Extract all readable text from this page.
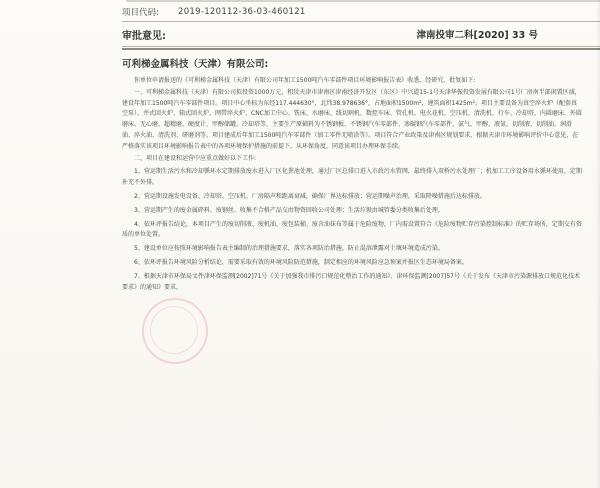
项目代码:	2019-120112-36-03-460121
审批意见:	津南投审二科[2020] 33 号
可利梯金属科技（天津）有限公司:

你单位申请报送的《可利梯金属科技（天津）有限公司年加工1500吨汽车零部件项目环境影响报告表》收悉，经研究，批复如下:

一、可利梯金属科技（天津）有限公司拟投资1000万元，租赁天津市津南区津南经济开发区（东区）中兴道15-1号天津华振投资发展有限公司1号厂房南半部闲置区域，建设年加工1500吨汽车零部件项目。项目中心坐标为东经117.444630°，北纬38.978636°，占地面积1500m²，建筑面积1425m²。项目主要设备为真空淬火炉（配套真空泵）、井式回火炉、箱式回火炉、网带淬火炉、CNC加工中心、铣床、水磨床、线切割机、数控车床、管孔机、电火花机、空压机、清洗机、行车、冷却塔、内圆磨床、外圆磨床、无心磨、超精磨、硬度计、甲醇储罐、冷却塔等，主要生产原辅料为不锈钢板、不锈钢汽车零部件、渗碳钢汽车零部件、氨气、甲醇、液氨、切削液、切削油、润滑油、淬火油、清洗剂、研磨剂等。项目建成后年加工1500吨汽车零部件（加工零件无喷涂等）。项目符合产业政策及津南区规划要求，根据天津市环境影响评价中心意见，在严格落实该项目环境影响报告表中的各项环境保护措施的前提下，从环保角度，同意该项目办理环保手续。

二、项目在建设和运营中应重点做好以下工作:

1、营运期生活污水和冷却循环水定期排放废水进入厂区化粪池处理，通过厂区总排口进入市政污水管网，最终排入双桥污水处理厂；机加工工序设备用水循环使用，定期补充不外排。

2、营运期设施发电设备、冷却塔、空压机、厂房隔声和距离衰减，确保厂界达标排放；营运期噪声治理，采取降噪措施后达标排放。

3、营运期产生的废金属碎料、废钢丝、收集不合格产品交由物资回收公司处理；生活垃圾由城管委分类收集后处理。

4、依环评报告结论，本项目产生的废切削液、废机油、废包装桶、废含油抹布等属于危险废物，厂内需设置符合《危险废物贮存污染控制标准》的贮存场所，定期交有资质的单位处置。

5、建设单位应按照环境影响报告表主编制的治理措施要求，落实各项防治措施，防止混溶泄露对土壤环境造成污染。

6、依环评报告环境风险分析结论，需要采取有效的环境风险防范措施，制定相应的环境风险应急预案并报区生态环境局备案。

7、根据天津市环保局文件津环保监测[2002]71号《关于加强我市排污口规范化整治工作的通知》、津环保监测[2007]57号《关于发布《天津市污染源排放口规范化技术要求》的通知》要求，
